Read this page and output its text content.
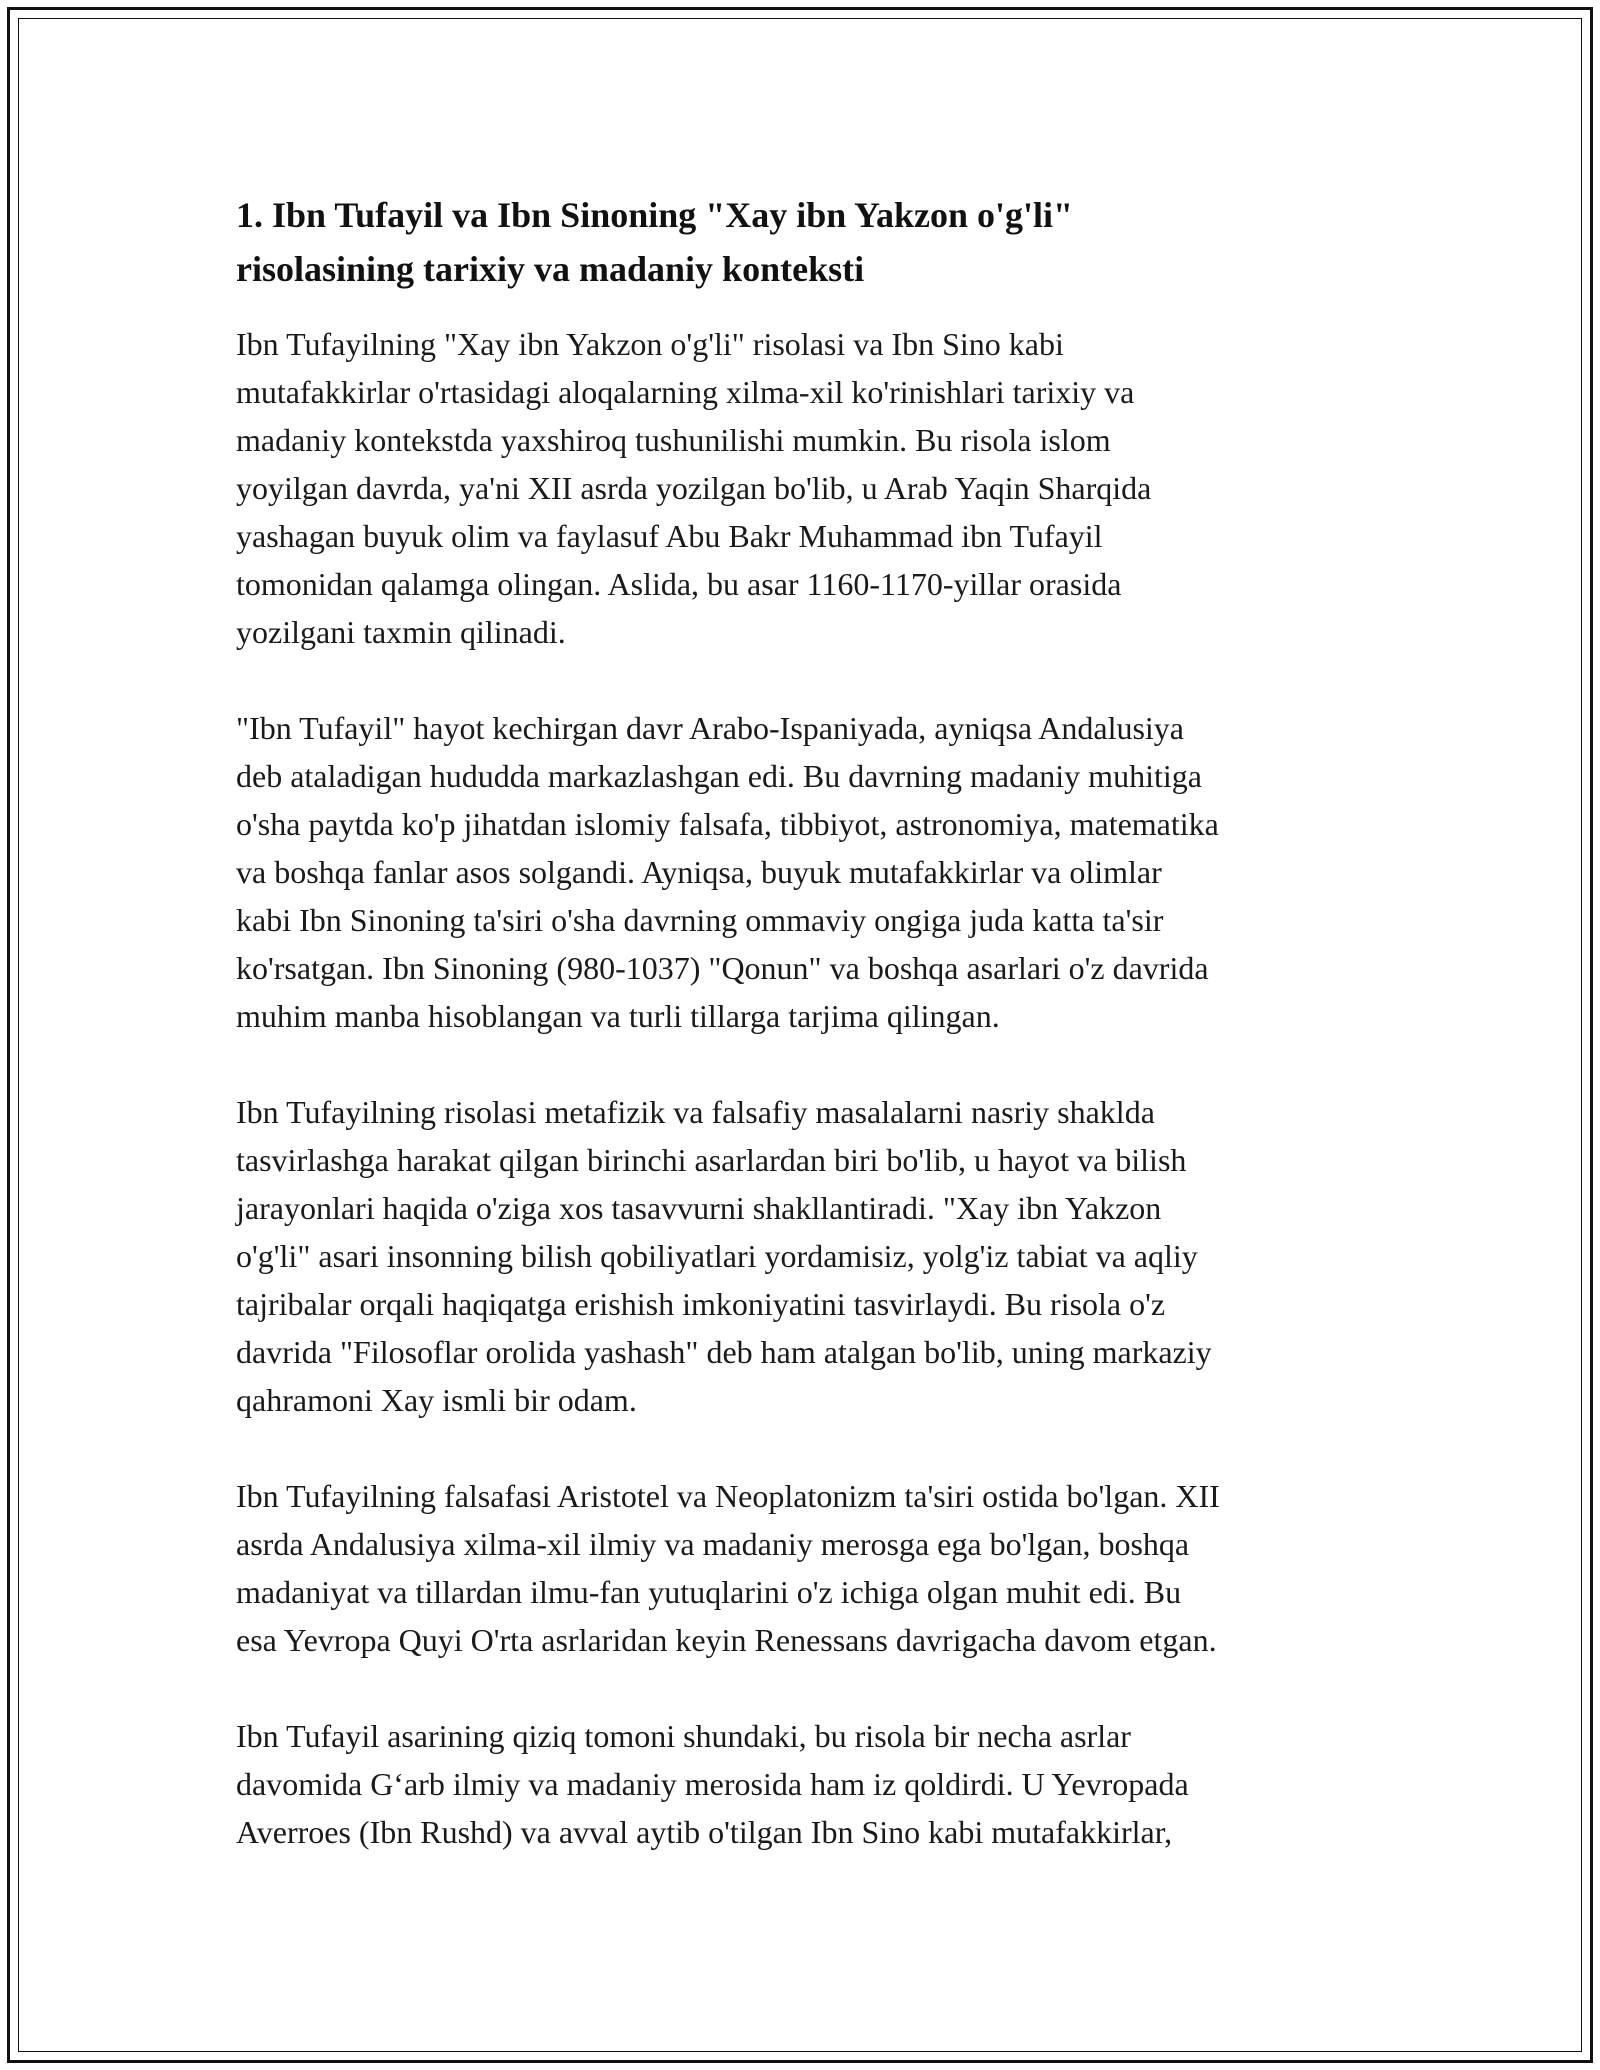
1. Ibn Tufayil va Ibn Sinoning "Xay ibn Yakzon o'g'li"
risolasining tarixiy va madaniy konteksti

Ibn Tufayilning "Xay ibn Yakzon o'g'li" risolasi va Ibn Sino kabi
mutafakkirlar o'rtasidagi aloqalarning xilma-xil ko'rinishlari tarixiy va
madaniy kontekstda yaxshiroq tushunilishi mumkin. Bu risola islom
yoyilgan davrda, ya'ni XII asrda yozilgan bo'lib, u Arab Yaqin Sharqida
yashagan buyuk olim va faylasuf Abu Bakr Muhammad ibn Tufayil
tomonidan qalamga olingan. Aslida, bu asar 1160-1170-yillar orasida
yozilgani taxmin qilinadi.

"Ibn Tufayil" hayot kechirgan davr Arabo-Ispaniyada, ayniqsa Andalusiya
deb ataladigan hududda markazlashgan edi. Bu davrning madaniy muhitiga
o'sha paytda ko'p jihatdan islomiy falsafa, tibbiyot, astronomiya, matematika
va boshqa fanlar asos solgandi. Ayniqsa, buyuk mutafakkirlar va olimlar
kabi Ibn Sinoning ta'siri o'sha davrning ommaviy ongiga juda katta ta'sir
ko'rsatgan. Ibn Sinoning (980-1037) "Qonun" va boshqa asarlari o'z davrida
muhim manba hisoblangan va turli tillarga tarjima qilingan.

Ibn Tufayilning risolasi metafizik va falsafiy masalalarni nasriy shaklda
tasvirlashga harakat qilgan birinchi asarlardan biri bo'lib, u hayot va bilish
jarayonlari haqida o'ziga xos tasavvurni shakllantiradi. "Xay ibn Yakzon
o'g'li" asari insonning bilish qobiliyatlari yordamisiz, yolg'iz tabiat va aqliy
tajribalar orqali haqiqatga erishish imkoniyatini tasvirlaydi. Bu risola o'z
davrida "Filosoflar orolida yashash" deb ham atalgan bo'lib, uning markaziy
qahramoni Xay ismli bir odam.

Ibn Tufayilning falsafasi Aristotel va Neoplatonizm ta'siri ostida bo'lgan. XII
asrda Andalusiya xilma-xil ilmiy va madaniy merosga ega bo'lgan, boshqa
madaniyat va tillardan ilmu-fan yutuqlarini o'z ichiga olgan muhit edi. Bu
esa Yevropa Quyi O'rta asrlaridan keyin Renessans davrigacha davom etgan.

Ibn Tufayil asarining qiziq tomoni shundaki, bu risola bir necha asrlar
davomida G‘arb ilmiy va madaniy merosida ham iz qoldirdi. U Yevropada
Averroes (Ibn Rushd) va avval aytib o'tilgan Ibn Sino kabi mutafakkirlar,
